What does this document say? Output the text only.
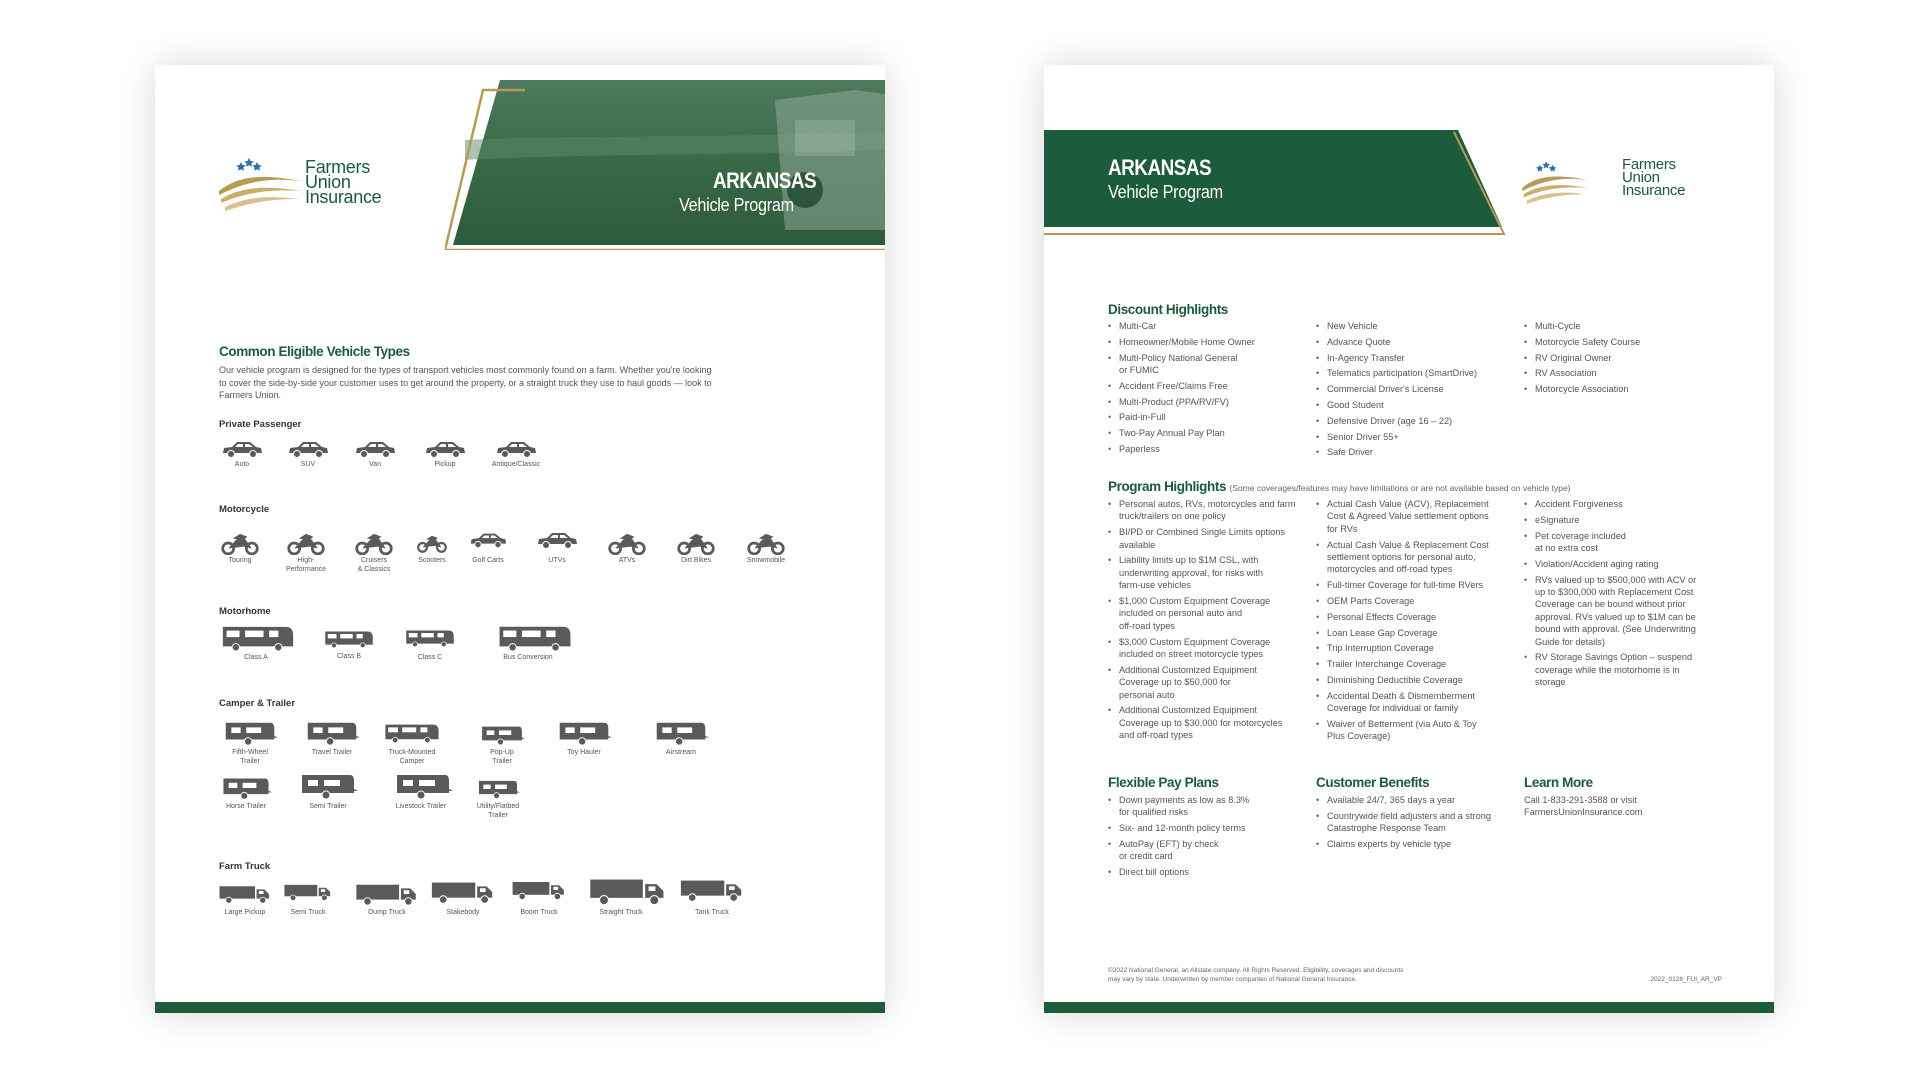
Farmers
Union
Insurance
ARKANSAS
Vehicle Program
Common Eligible Vehicle Types
Our vehicle program is designed for the types of transport vehicles most commonly found on a farm. Whether you're looking to cover the side-by-side your customer uses to get around the property, or a straight truck they use to haul goods — look to Farmers Union.
Private Passenger
Auto	SUV	Van	Pickup	Antique/Classic
Motorcycle
Touring	High-
Performance
Cruisers
& Classics
Scooters	Golf Carts	UTVs	ATVs	Dirt Bikes	Snowmobile
Motorhome
Class A	Class B	Class C	Bus Conversion
Camper & Trailer
Fifth-Wheel
Trailer
Travel Trailer	Truck-Mounted
Camper
Pop-Up
Trailer
Toy Hauler	Airstream
Horse Trailer	Semi Trailer	Livestock Trailer	Utility/Flatbed
Trailer
Farm Truck
Large Pickup	Semi Truck	Dump Truck	Stakebody	Boom Truck	Straight Truck	Tank Truck
ARKANSAS
Vehicle Program
Farmers
Union
Insurance
Discount Highlights
• Multi-Car
• Homeowner/Mobile Home Owner
• Multi-Policy National General
or FUMIC
• Accident Free/Claims Free
• Multi-Product (PPA/RV/FV)
• Paid-in-Full
• Two-Pay Annual Pay Plan
• Paperless
• New Vehicle
• Advance Quote
• In-Agency Transfer
• Telematics participation (SmartDrive)
• Commercial Driver's License
• Good Student
• Defensive Driver (age 16 – 22)
• Senior Driver 55+
• Safe Driver
• Multi-Cycle
• Motorcycle Safety Course
• RV Original Owner
• RV Association
• Motorcycle Association
Program Highlights (Some coverages/features may have limitations or are not available based on vehicle type)
• Personal autos, RVs, motorcycles and farm
truck/trailers on one policy
• BI/PD or Combined Single Limits options
available
• Liability limits up to $1M CSL, with
underwriting approval, for risks with
farm-use vehicles
• $1,000 Custom Equipment Coverage
included on personal auto and
off-road types
• $3,000 Custom Equipment Coverage
included on street motorcycle types
• Additional Customized Equipment
Coverage up to $50,000 for
personal auto
• Additional Customized Equipment
Coverage up to $30,000 for motorcycles
and off-road types
• Actual Cash Value (ACV), Replacement
Cost & Agreed Value settlement options
for RVs
• Actual Cash Value & Replacement Cost
settlement options for personal auto,
motorcycles and off-road types
• Full-timer Coverage for full-time RVers
• OEM Parts Coverage
• Personal Effects Coverage
• Loan Lease Gap Coverage
• Trip Interruption Coverage
• Trailer Interchange Coverage
• Diminishing Deductible Coverage
• Accidental Death & Dismemberment
Coverage for individual or family
• Waiver of Betterment (via Auto & Toy
Plus Coverage)
• Accident Forgiveness
• eSignature
• Pet coverage included
at no extra cost
• Violation/Accident aging rating
• RVs valued up to $500,000 with ACV or
up to $300,000 with Replacement Cost
Coverage can be bound without prior
approval. RVs valued up to $1M can be
bound with approval. (See Underwriting
Guide for details)
• RV Storage Savings Option – suspend
coverage while the motorhome is in
storage
Flexible Pay Plans
• Down payments as low as 8.3%
for qualified risks
• Six- and 12-month policy terms
• AutoPay (EFT) by check
or credit card
• Direct bill options
Customer Benefits
• Available 24/7, 365 days a year
• Countrywide field adjusters and a strong
Catastrophe Response Team
• Claims experts by vehicle type
Learn More
Call 1-833-291-3588 or visit
FarmersUnionInsurance.com
©2022 National General, an Allstate company. All Rights Reserved. Eligibility, coverages and discounts
may vary by state. Underwritten by member companies of National General Insurance.	2022_0126_FUI_AR_VP
